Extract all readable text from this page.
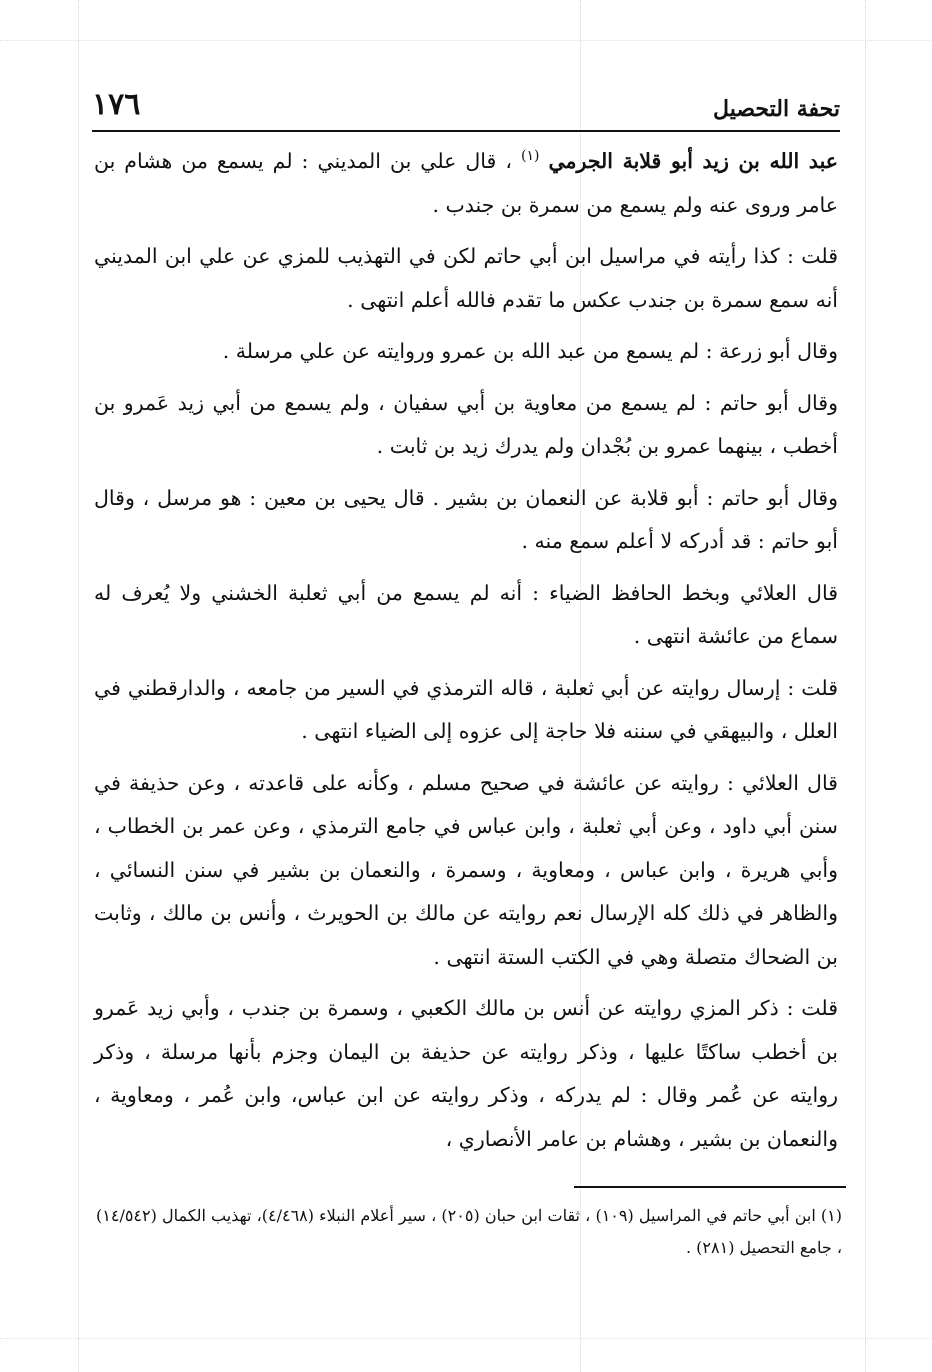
١٧٦	تحفة التحصيل

عبد الله بن زيد أبو قلابة الجرمي $^{(١)}$ ، قال علي بن المديني : لم يسمع من هشام بن عامر وروى عنه ولم يسمع من سمرة بن جندب .

قلت : كذا رأيته في مراسيل ابن أبي حاتم لكن في التهذيب للمزي عن علي ابن المديني أنه سمع سمرة بن جندب عكس ما تقدم فالله أعلم انتهى .

وقال أبو زرعة : لم يسمع من عبد الله بن عمرو وروايته عن علي مرسلة .

وقال أبو حاتم : لم يسمع من معاوية بن أبي سفيان ، ولم يسمع من أبي زيد عَمرو بن أخطب ، بينهما عمرو بن بُجْدان ولم يدرك زيد بن ثابت .

وقال أبو حاتم : أبو قلابة عن النعمان بن بشير . قال يحيى بن معين : هو مرسل ، وقال أبو حاتم : قد أدركه لا أعلم سمع منه .

قال العلائي وبخط الحافظ الضياء : أنه لم يسمع من أبي ثعلبة الخشني ولا يُعرف له سماع من عائشة انتهى .

قلت : إرسال روايته عن أبي ثعلبة ، قاله الترمذي في السير من جامعه ، والدارقطني في العلل ، والبيهقي في سننه فلا حاجة إلى عزوه إلى الضياء انتهى .

قال العلائي : روايته عن عائشة في صحيح مسلم ، وكأنه على قاعدته ، وعن حذيفة في سنن أبي داود ، وعن أبي ثعلبة ، وابن عباس في جامع الترمذي ، وعن عمر بن الخطاب ، وأبي هريرة ، وابن عباس ، ومعاوية ، وسمرة ، والنعمان بن بشير في سنن النسائي ، والظاهر في ذلك كله الإرسال نعم روايته عن مالك بن الحويرث ، وأنس بن مالك ، وثابت بن الضحاك متصلة وهي في الكتب الستة انتهى .

قلت : ذكر المزي روايته عن أنس بن مالك الكعبي ، وسمرة بن جندب ، وأبي زيد عَمرو بن أخطب ساكتًا عليها ، وذكر روايته عن حذيفة بن اليمان وجزم بأنها مرسلة ، وذكر روايته عن عُمر وقال : لم يدركه ، وذكر روايته عن ابن عباس، وابن عُمر ، ومعاوية ، والنعمان بن بشير ، وهشام بن عامر الأنصاري ،

(١) ابن أبي حاتم في المراسيل (١٠٩) ، ثقات ابن حبان (٢٠٥) ، سير أعلام النبلاء (٤/٤٦٨)، تهذيب الكمال (١٤/٥٤٢) ، جامع التحصيل (٢٨١) .
